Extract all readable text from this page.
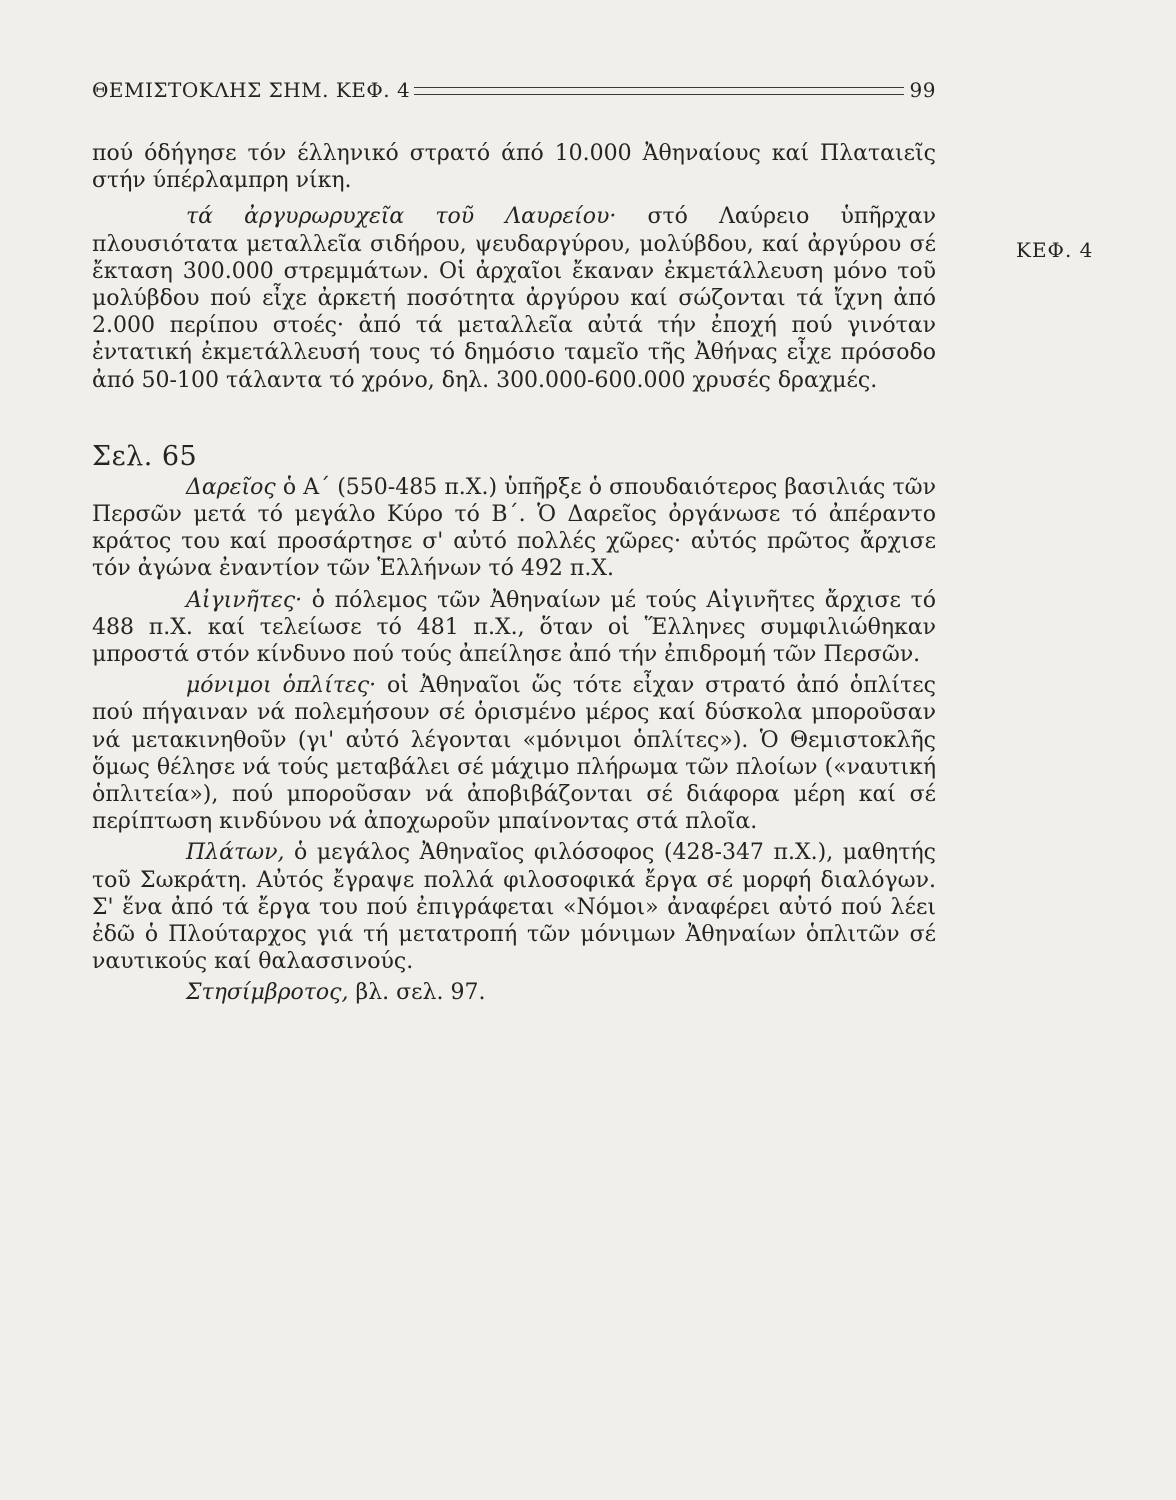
ΘΕΜΙΣΤΟΚΛΗΣ ΣΗΜ. ΚΕΦ. 4	99
ΚΕΦ. 4

πού όδήγησε τόν έλληνικό στρατό άπό 10.000 Ἀθηναίους καί Πλαταιεῖς στήν ύπέρλαμπρη νίκη.

τά ἀργυρωρυχεῖα τοῦ Λαυρείου· στό Λαύρειο ὑπῆρχαν πλουσιότατα μεταλλεῖα σιδήρου, ψευδαργύρου, μολύβδου, καί ἀργύρου σέ ἔκταση 300.000 στρεμμάτων. Οἱ ἀρχαῖοι ἔκαναν ἐκμετάλλευση μόνο τοῦ μολύβδου πού εἶχε ἀρκετή ποσότητα ἀργύρου καί σώζονται τά ἴχνη ἀπό 2.000 περίπου στοές· ἀπό τά μεταλλεῖα αὐτά τήν ἐποχή πού γινόταν ἐντατική ἐκμετάλλευσή τους τό δημόσιο ταμεῖο τῆς Ἀθήνας εἶχε πρόσοδο ἀπό 50-100 τάλαντα τό χρόνο, δηλ. 300.000-600.000 χρυσές δραχμές.

Σελ. 65

Δαρεῖος ὁ Α΄ (550-485 π.Χ.) ὑπῆρξε ὁ σπουδαιότερος βασιλιάς τῶν Περσῶν μετά τό μεγάλο Κύρο τό Β΄. Ὁ Δαρεῖος ὀργάνωσε τό ἀπέραντο κράτος του καί προσάρτησε σ' αὐτό πολλές χῶρες· αὐτός πρῶτος ἄρχισε τόν ἀγώνα ἐναντίον τῶν Ἑλλήνων τό 492 π.Χ.

Αἰγινῆτες· ὁ πόλεμος τῶν Ἀθηναίων μέ τούς Αἰγινῆτες ἄρχισε τό 488 π.Χ. καί τελείωσε τό 481 π.Χ., ὅταν οἱ Ἕλληνες συμφιλιώθηκαν μπροστά στόν κίνδυνο πού τούς ἀπείλησε ἀπό τήν ἐπιδρομή τῶν Περσῶν.

μόνιμοι ὁπλίτες· οἱ Ἀθηναῖοι ὥς τότε εἶχαν στρατό ἀπό ὁπλίτες πού πήγαιναν νά πολεμήσουν σέ ὁρισμένο μέρος καί δύσκολα μποροῦσαν νά μετακινηθοῦν (γι' αὐτό λέγονται «μόνιμοι ὁπλίτες»). Ὁ Θεμιστοκλῆς ὅμως θέλησε νά τούς μεταβάλει σέ μάχιμο πλήρωμα τῶν πλοίων («ναυτική ὁπλιτεία»), πού μποροῦσαν νά ἀποβιβάζονται σέ διάφορα μέρη καί σέ περίπτωση κινδύνου νά ἀποχωροῦν μπαίνοντας στά πλοῖα.

Πλάτων, ὁ μεγάλος Ἀθηναῖος φιλόσοφος (428-347 π.Χ.), μαθητής τοῦ Σωκράτη. Αὐτός ἔγραψε πολλά φιλοσοφικά ἔργα σέ μορφή διαλόγων. Σ' ἕνα ἀπό τά ἔργα του πού ἐπιγράφεται «Νόμοι» ἀναφέρει αὐτό πού λέει ἐδῶ ὁ Πλούταρχος γιά τή μετατροπή τῶν μόνιμων Ἀθηναίων ὁπλιτῶν σέ ναυτικούς καί θαλασσινούς.

Στησίμβροτος, βλ. σελ. 97.
